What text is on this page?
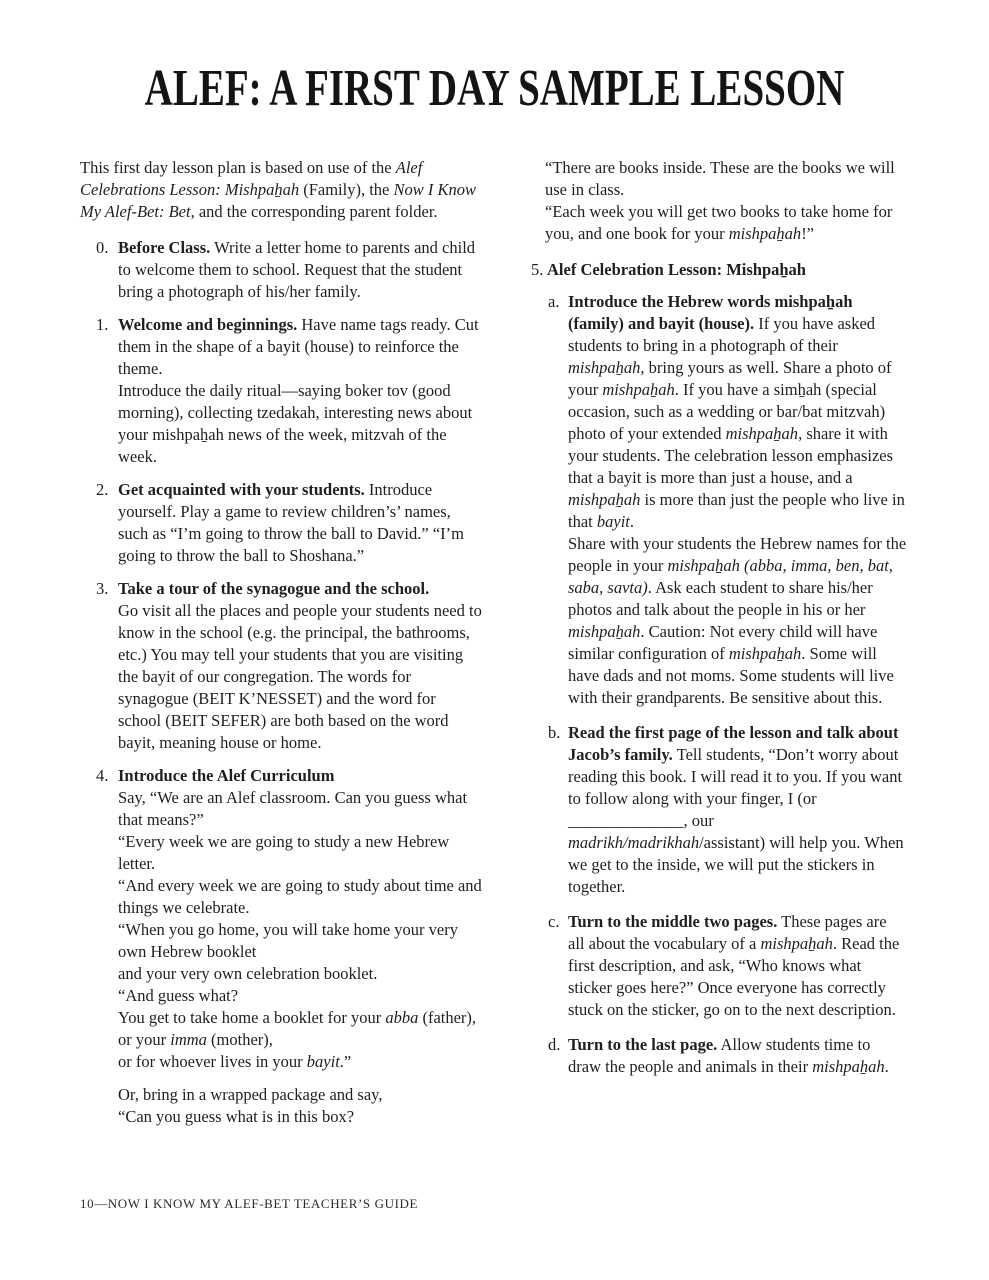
ALEF: A FIRST DAY SAMPLE LESSON

This first day lesson plan is based on use of the Alef Celebrations Lesson: Mishpaẖah (Family), the Now I Know My Alef-Bet: Bet, and the corresponding parent folder.

0. Before Class. Write a letter home to parents and child to welcome them to school. Request that the student bring a photograph of his/her family.
1. Welcome and beginnings. Have name tags ready. Cut them in the shape of a bayit (house) to reinforce the theme.
Introduce the daily ritual—saying boker tov (good morning), collecting tzedakah, interesting news about your mishpaẖah news of the week, mitzvah of the week.
2. Get acquainted with your students. Introduce yourself. Play a game to review children’s’ names, such as “I’m going to throw the ball to David.” “I’m going to throw the ball to Shoshana.”
3. Take a tour of the synagogue and the school.
Go visit all the places and people your students need to know in the school (e.g. the principal, the bathrooms, etc.) You may tell your students that you are visiting the bayit of our congregation. The words for synagogue (BEIT K’NESSET) and the word for school (BEIT SEFER) are both based on the word bayit, meaning house or home.
4. Introduce the Alef Curriculum
Say, “We are an Alef classroom. Can you guess what that means?”
“Every week we are going to study a new Hebrew letter.
“And every week we are going to study about time and things we celebrate.
“When you go home, you will take home your very own Hebrew booklet
and your very own celebration booklet.
“And guess what?
You get to take home a booklet for your abba (father), or your imma (mother),
or for whoever lives in your bayit.”
Or, bring in a wrapped package and say,
“Can you guess what is in this box?

“There are books inside. These are the books we will use in class.
“Each week you will get two books to take home for you, and one book for your mishpaẖah!”

5. Alef Celebration Lesson: Mishpaẖah
a. Introduce the Hebrew words mishpaẖah (family) and bayit (house). If you have asked students to bring in a photograph of their mishpaẖah, bring yours as well. Share a photo of your mishpaẖah. If you have a simẖah (special occasion, such as a wedding or bar/bat mitzvah) photo of your extended mishpaẖah, share it with your students. The celebration lesson emphasizes that a bayit is more than just a house, and a mishpaẖah is more than just the people who live in that bayit.
Share with your students the Hebrew names for the people in your mishpaẖah (abba, imma, ben, bat, saba, savta). Ask each student to share his/her photos and talk about the people in his or her mishpaẖah. Caution: Not every child will have similar configuration of mishpaẖah. Some will have dads and not moms. Some students will live with their grandparents. Be sensitive about this.
b. Read the first page of the lesson and talk about Jacob’s family. Tell students, “Don’t worry about reading this book. I will read it to you. If you want to follow along with your finger, I (or ______________, our madrikh/madrikhah/assistant) will help you. When we get to the inside, we will put the stickers in together.
c. Turn to the middle two pages. These pages are all about the vocabulary of a mishpaẖah. Read the first description, and ask, “Who knows what sticker goes here?” Once everyone has correctly stuck on the sticker, go on to the next description.
d. Turn to the last page. Allow students time to draw the people and animals in their mishpaẖah.
10—NOW I KNOW MY ALEF-BET TEACHER’S GUIDE
